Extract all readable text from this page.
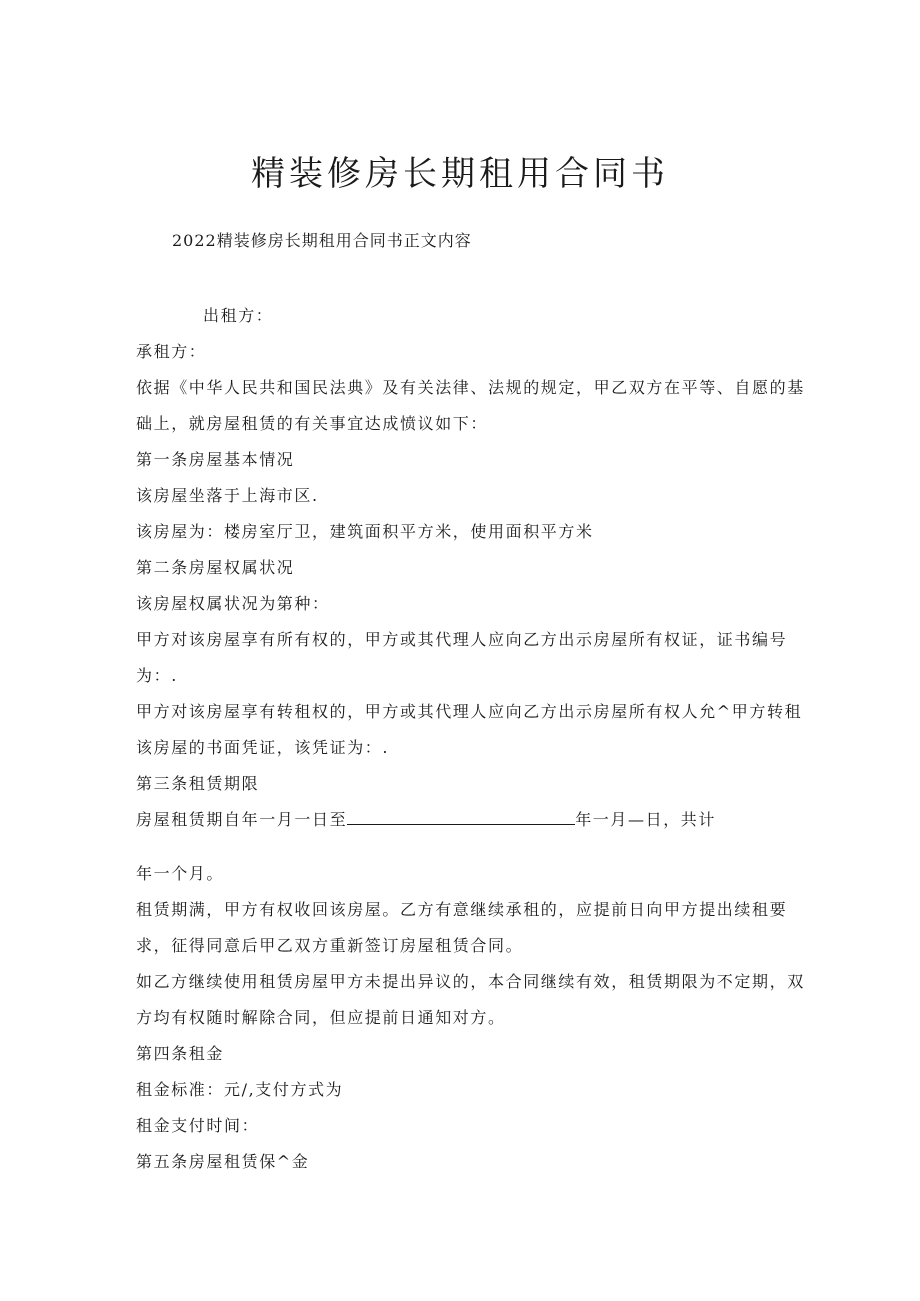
精装修房长期租用合同书

2022精装修房长期租用合同书正文内容

出租方：

承租方：

依据《中华人民共和国民法典》及有关法律、法规的规定，甲乙双方在平等、自愿的基

础上，就房屋租赁的有关事宜达成愤议如下：

第一条房屋基本情况

该房屋坐落于上海市区.

该房屋为：楼房室厅卫，建筑面积平方米，使用面积平方米

第二条房屋权属状况

该房屋权属状况为第种：

甲方对该房屋享有所有权的，甲方或其代理人应向乙方出示房屋所有权证，证书编号

为：.

甲方对该房屋享有转租权的，甲方或其代理人应向乙方出示房屋所有权人允^甲方转租

该房屋的书面凭证，该凭证为：.

第三条租赁期限

房屋租赁期自年一月一日至	年一月—日，共计

年一个月。

租赁期满，甲方有权收回该房屋。乙方有意继续承租的，应提前日向甲方提出续租要

求，征得同意后甲乙双方重新签订房屋租赁合同。

如乙方继续使用租赁房屋甲方未提出异议的，本合同继续有效，租赁期限为不定期，双

方均有权随时解除合同，但应提前日通知对方。

第四条租金

租金标准：元/,支付方式为

租金支付时间：

第五条房屋租赁保^金
